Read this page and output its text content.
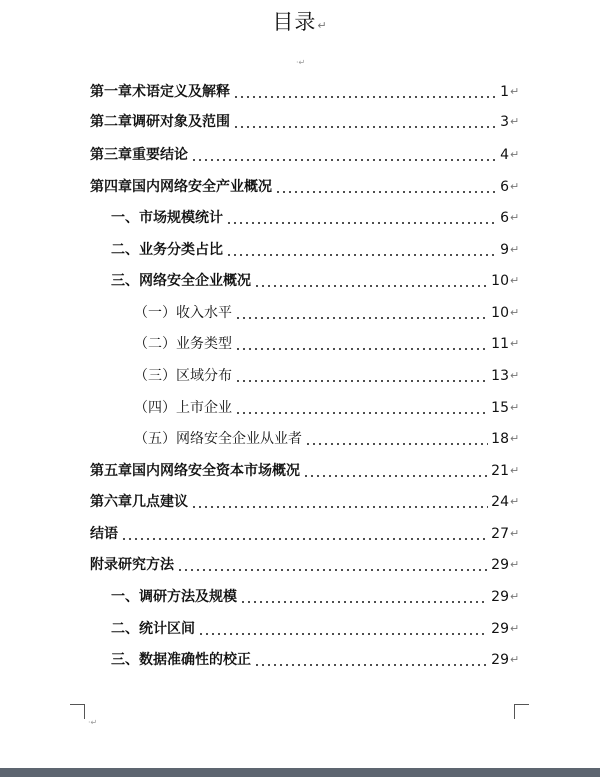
目录↵
·↵
第一章术语定义及解释	1 ↵
第二章调研对象及范围	3 ↵
第三章重要结论	4 ↵
第四章国内网络安全产业概况	6 ↵
一、市场规模统计	6 ↵
二、业务分类占比	9 ↵
三、网络安全企业概况	10 ↵
（一）收入水平	10 ↵
（二）业务类型	11 ↵
（三）区域分布	13 ↵
（四）上市企业	15 ↵
（五）网络安全企业从业者	18 ↵
第五章国内网络安全资本市场概况	21 ↵
第六章几点建议	24 ↵
结语	27 ↵
附录研究方法	29 ↵
一、调研方法及规模	29 ↵
二、统计区间	29 ↵
三、数据准确性的校正	29 ↵
·↵
